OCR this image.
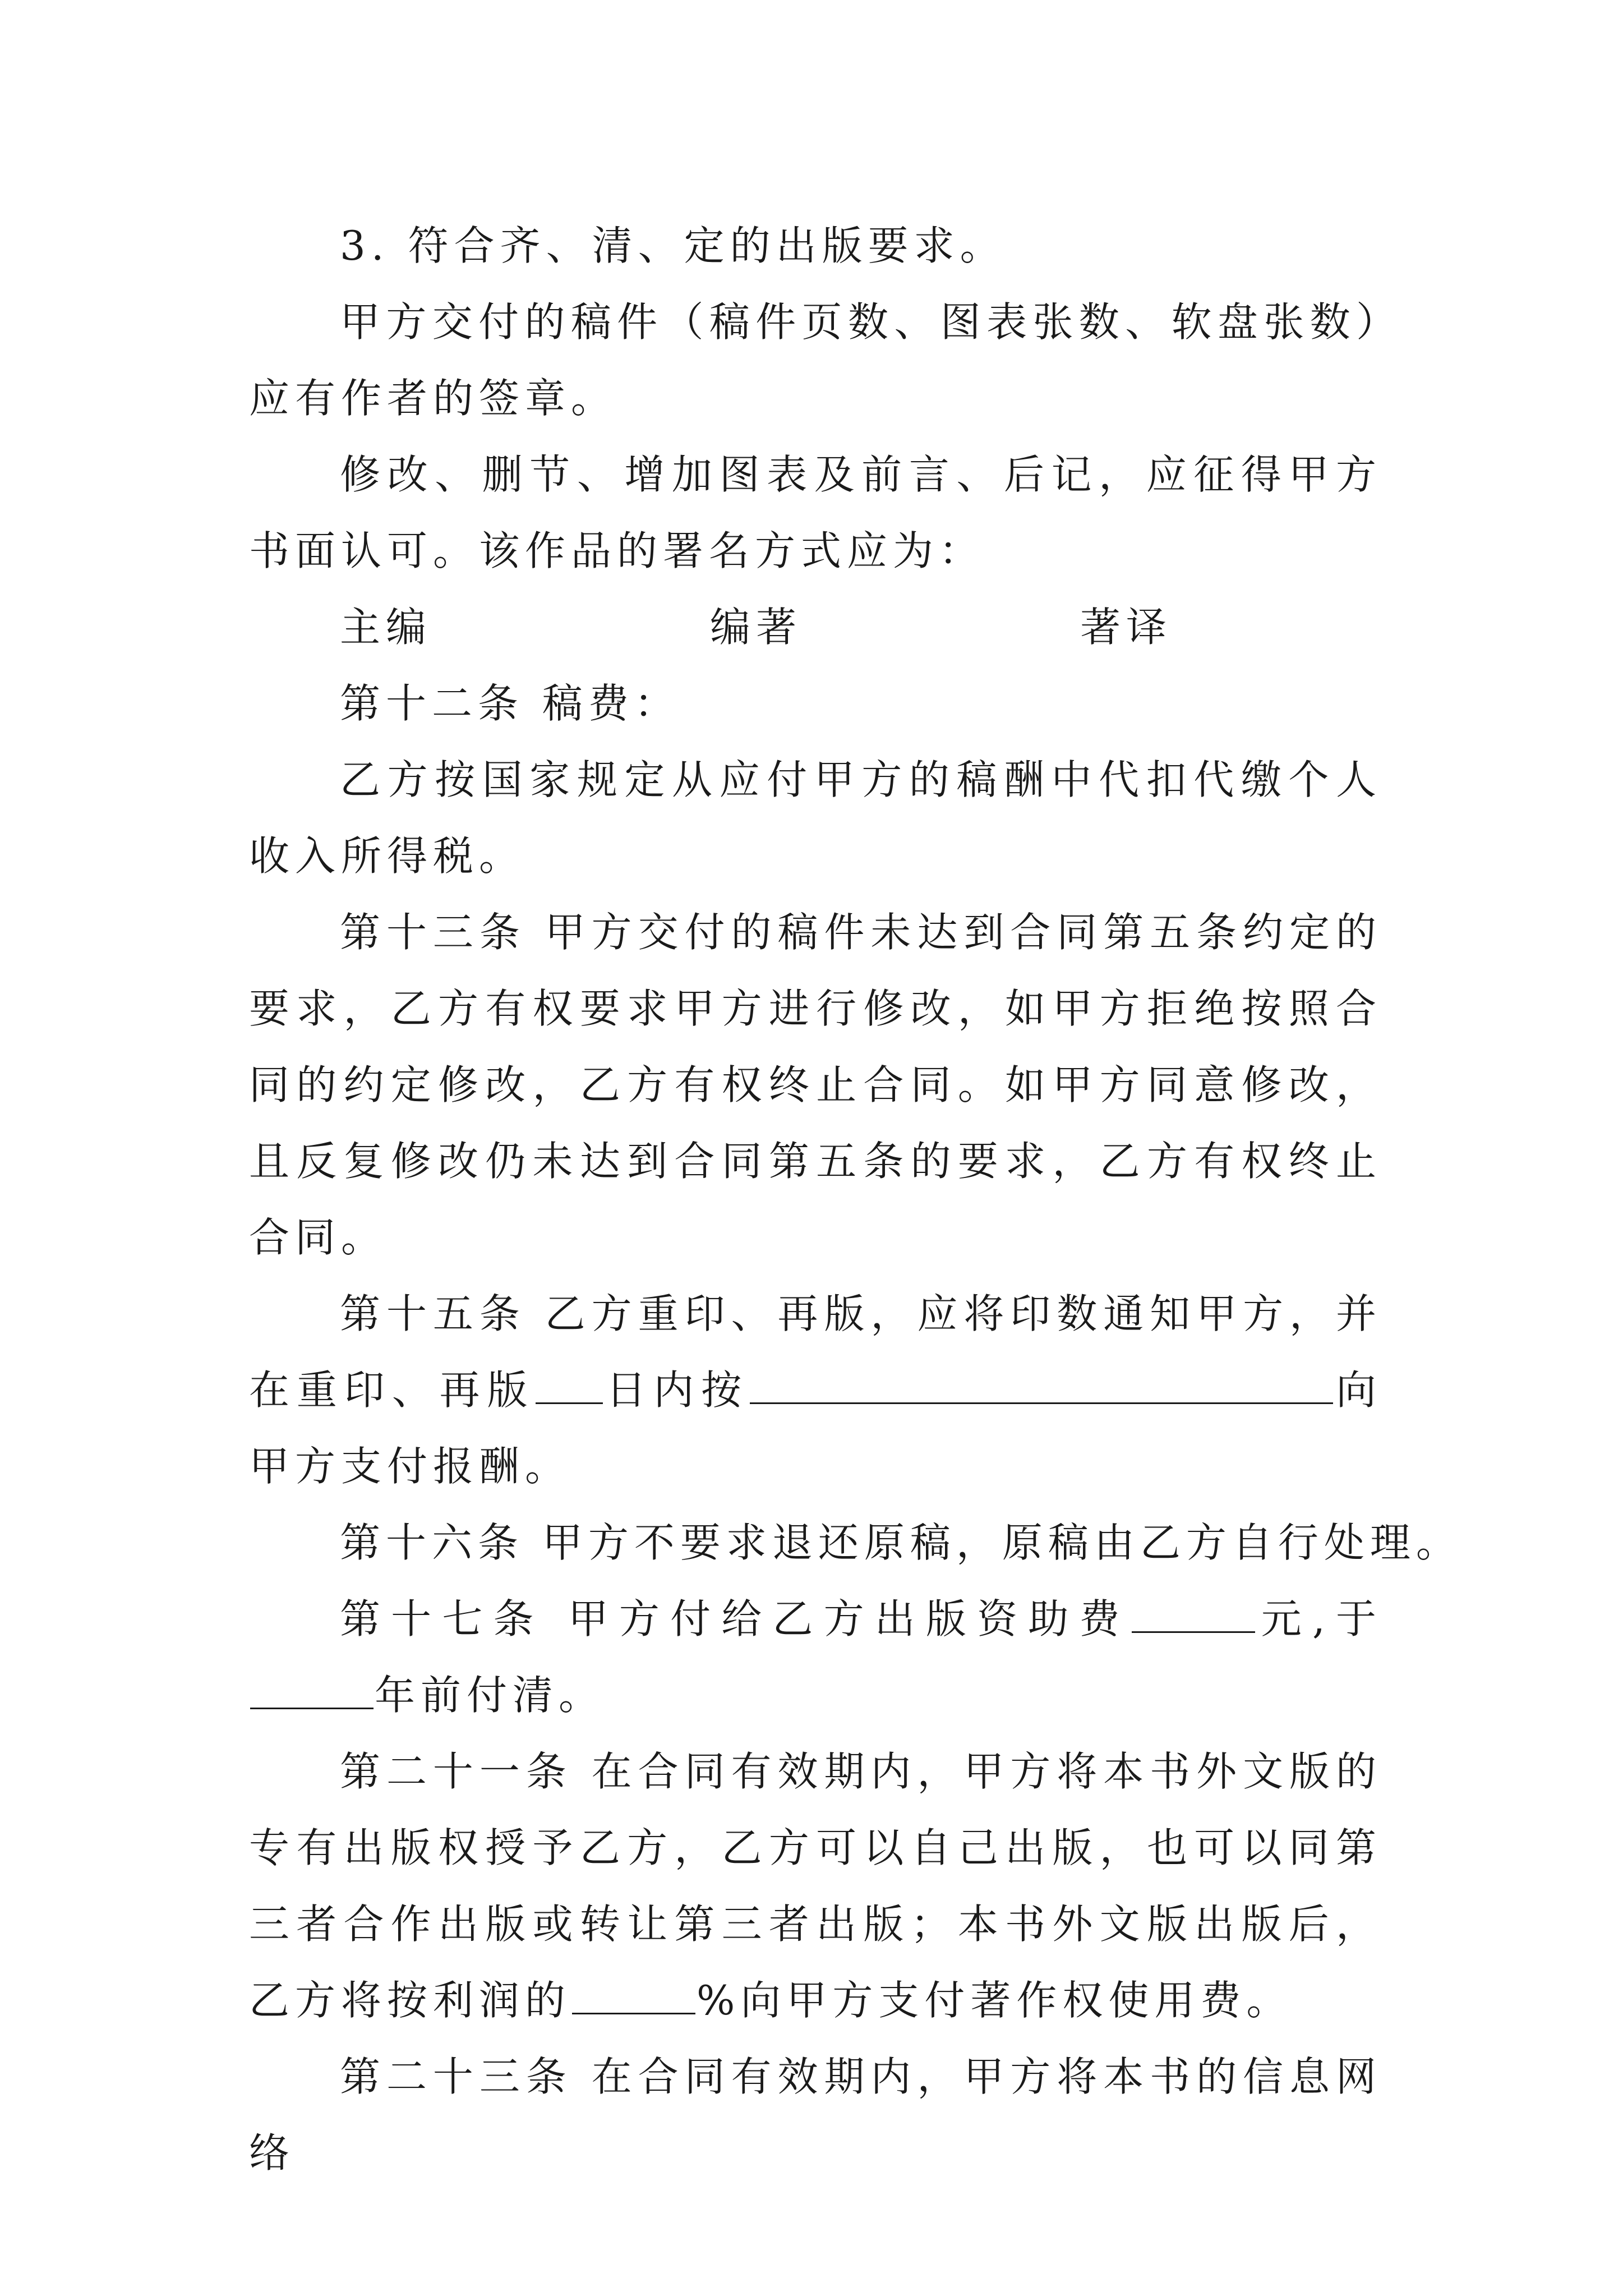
3. 符合齐、清、定的出版要求。

甲方交付的稿件（稿件页数、图表张数、软盘张数）应有作者的签章。

修改、删节、增加图表及前言、后记，应征得甲方书面认可。该作品的署名方式应为：

主编	编著	著译

第十二条 稿费：

乙方按国家规定从应付甲方的稿酬中代扣代缴个人收入所得税。

第十三条 甲方交付的稿件未达到合同第五条约定的要求，乙方有权要求甲方进行修改，如甲方拒绝按照合同的约定修改，乙方有权终止合同。如甲方同意修改，且反复修改仍未达到合同第五条的要求，乙方有权终止合同。

第十五条 乙方重印、再版，应将印数通知甲方，并在重印、再版 日内按	向甲方支付报酬。

第十六条 甲方不要求退还原稿，原稿由乙方自行处理。

第十七条 甲方付给乙方出版资助费	元,于年前付清。

第二十一条 在合同有效期内，甲方将本书外文版的专有出版权授予乙方，乙方可以自己出版，也可以同第三者合作出版或转让第三者出版；本书外文版出版后，乙方将按利润的	%向甲方支付著作权使用费。

第二十三条 在合同有效期内，甲方将本书的信息网络
